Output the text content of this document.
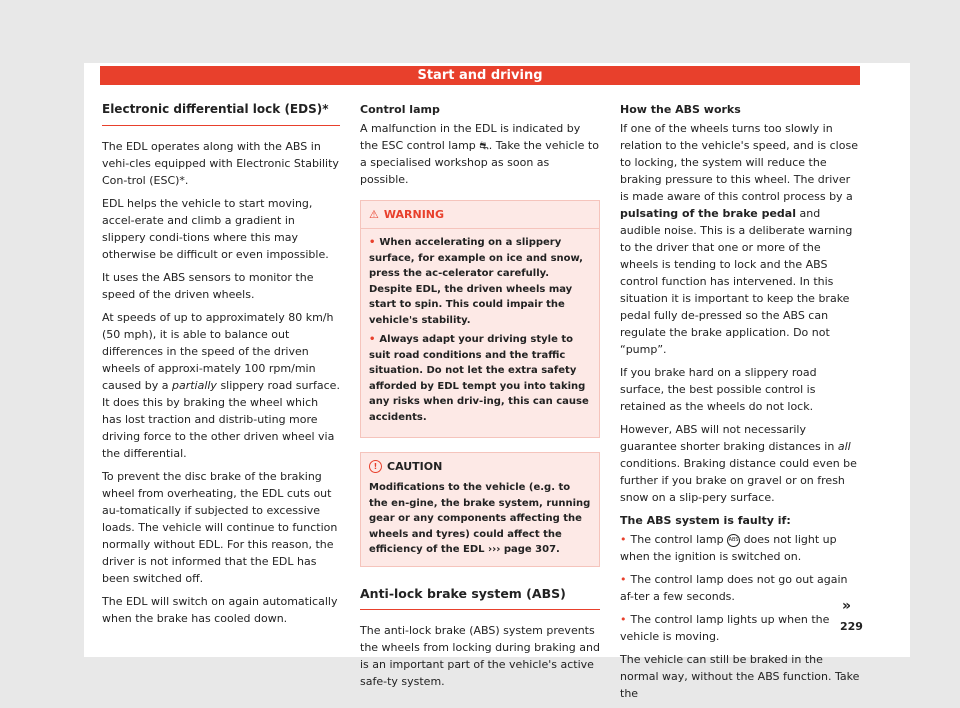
Start and driving
Electronic differential lock (EDS)*

The EDL operates along with the ABS in vehi-cles equipped with Electronic Stability Con-trol (ESC)*.

EDL helps the vehicle to start moving, accel-erate and climb a gradient in slippery condi-tions where this may otherwise be difficult or even impossible.

It uses the ABS sensors to monitor the speed of the driven wheels.

At speeds of up to approximately 80 km/h (50 mph), it is able to balance out differences in the speed of the driven wheels of approxi-mately 100 rpm/min caused by a partially slippery road surface. It does this by braking the wheel which has lost traction and distrib-uting more driving force to the other driven wheel via the differential.

To prevent the disc brake of the braking wheel from overheating, the EDL cuts out au-tomatically if subjected to excessive loads. The vehicle will continue to function normally without EDL. For this reason, the driver is not informed that the EDL has been switched off.

The EDL will switch on again automatically when the brake has cooled down.

Control lamp

A malfunction in the EDL is indicated by the ESC control lamp ⛐. Take the vehicle to a specialised workshop as soon as possible.

⚠ WARNING

• When accelerating on a slippery surface, for example on ice and snow, press the ac-celerator carefully. Despite EDL, the driven wheels may start to spin. This could impair the vehicle's stability.

• Always adapt your driving style to suit road conditions and the traffic situation. Do not let the extra safety afforded by EDL tempt you into taking any risks when driv-ing, this can cause accidents.

! CAUTION
Modifications to the vehicle (e.g. to the en-gine, the brake system, running gear or any components affecting the wheels and tyres) could affect the efficiency of the EDL ››› page 307.
Anti-lock brake system (ABS)

The anti-lock brake (ABS) system prevents the wheels from locking during braking and is an important part of the vehicle's active safe-ty system.

How the ABS works

If one of the wheels turns too slowly in relation to the vehicle's speed, and is close to locking, the system will reduce the braking pressure to this wheel. The driver is made aware of this control process by a pulsating of the brake pedal and audible noise. This is a deliberate warning to the driver that one or more of the wheels is tending to lock and the ABS control function has intervened. In this situation it is important to keep the brake pedal fully de-pressed so the ABS can regulate the brake application. Do not “pump”.

If you brake hard on a slippery road surface, the best possible control is retained as the wheels do not lock.

However, ABS will not necessarily guarantee shorter braking distances in all conditions. Braking distance could even be further if you brake on gravel or on fresh snow on a slip-pery surface.

The ABS system is faulty if:

• The control lamp ABS does not light up when the ignition is switched on.

• The control lamp does not go out again af-ter a few seconds.

• The control lamp lights up when the vehicle is moving.

The vehicle can still be braked in the normal way, without the ABS function. Take the

»
229
